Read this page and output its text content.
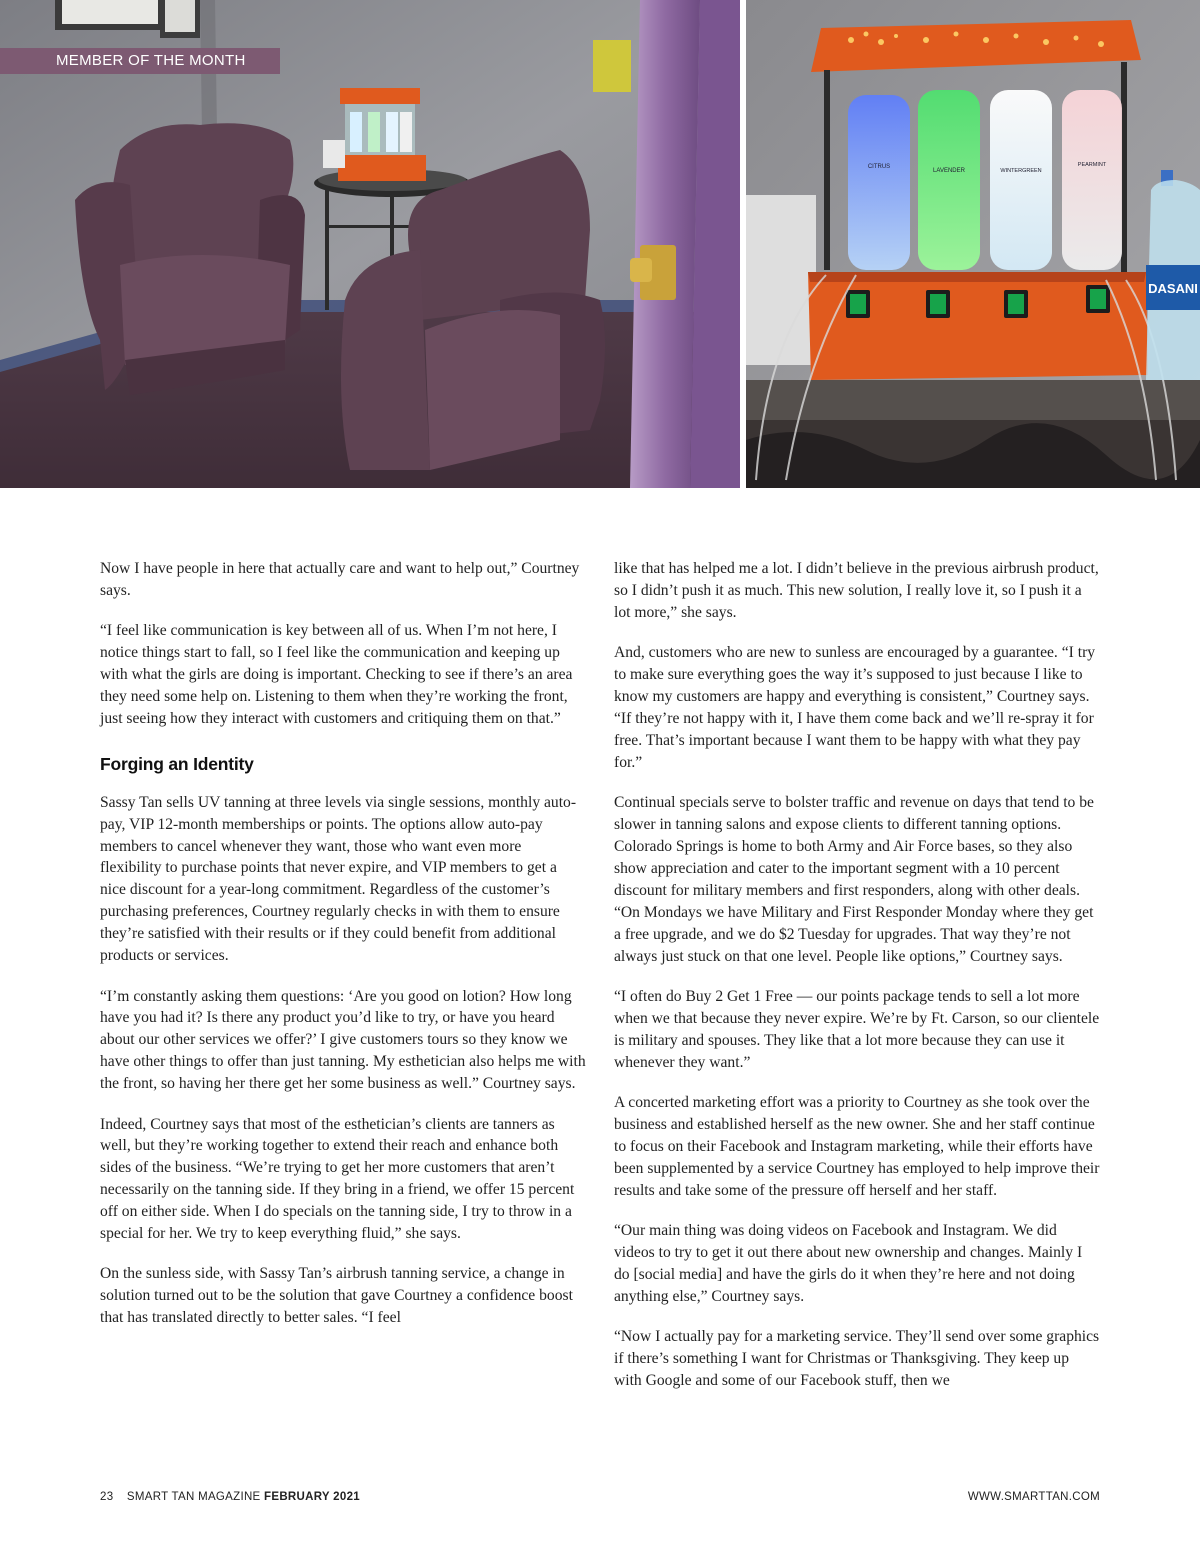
MEMBER OF THE MONTH
CITRUS
LAVENDER	WINTERGREEN
PEARMINT
DASANI

Now I have people in here that actually care and want to help out,” Courtney says.

“I feel like communication is key between all of us. When I’m not here, I notice things start to fall, so I feel like the communication and keeping up with what the girls are doing is important. Checking to see if there’s an area they need some help on. Listening to them when they’re working the front, just seeing how they interact with customers and critiquing them on that.”

Forging an Identity

Sassy Tan sells UV tanning at three levels via single sessions, monthly auto-pay, VIP 12-month memberships or points. The options allow auto-pay members to cancel whenever they want, those who want even more flexibility to purchase points that never expire, and VIP members to get a nice discount for a year-long commitment. Regardless of the customer’s purchasing preferences, Courtney regularly checks in with them to ensure they’re satisfied with their results or if they could benefit from additional products or services.

“I’m constantly asking them questions: ‘Are you good on lotion? How long have you had it? Is there any product you’d like to try, or have you heard about our other services we offer?’ I give customers tours so they know we have other things to offer than just tanning. My esthetician also helps me with the front, so having her there get her some business as well.” Courtney says.

Indeed, Courtney says that most of the esthetician’s clients are tanners as well, but they’re working together to extend their reach and enhance both sides of the business. “We’re trying to get her more customers that aren’t necessarily on the tanning side. If they bring in a friend, we offer 15 percent off on either side. When I do specials on the tanning side, I try to throw in a special for her. We try to keep everything fluid,” she says.

On the sunless side, with Sassy Tan’s airbrush tanning service, a change in solution turned out to be the solution that gave Courtney a confidence boost that has translated directly to better sales. “I feel

like that has helped me a lot. I didn’t believe in the previous airbrush product, so I didn’t push it as much. This new solution, I really love it, so I push it a lot more,” she says.

And, customers who are new to sunless are encouraged by a guarantee. “I try to make sure everything goes the way it’s supposed to just because I like to know my customers are happy and everything is consistent,” Courtney says. “If they’re not happy with it, I have them come back and we’ll re-spray it for free. That’s important because I want them to be happy with what they pay for.”

Continual specials serve to bolster traffic and revenue on days that tend to be slower in tanning salons and expose clients to different tanning options. Colorado Springs is home to both Army and Air Force bases, so they also show appreciation and cater to the important segment with a 10 percent discount for military members and first responders, along with other deals. “On Mondays we have Military and First Responder Monday where they get a free upgrade, and we do $2 Tuesday for upgrades. That way they’re not always just stuck on that one level. People like options,” Courtney says.

“I often do Buy 2 Get 1 Free — our points package tends to sell a lot more when we that because they never expire. We’re by Ft. Carson, so our clientele is military and spouses. They like that a lot more because they can use it whenever they want.”

A concerted marketing effort was a priority to Courtney as she took over the business and established herself as the new owner. She and her staff continue to focus on their Facebook and Instagram marketing, while their efforts have been supplemented by a service Courtney has employed to help improve their results and take some of the pressure off herself and her staff.

“Our main thing was doing videos on Facebook and Instagram. We did videos to try to get it out there about new ownership and changes. Mainly I do [social media] and have the girls do it when they’re here and not doing anything else,” Courtney says.

“Now I actually pay for a marketing service. They’ll send over some graphics if there’s something I want for Christmas or Thanksgiving. They keep up with Google and some of our Facebook stuff, then we

23 SMART TAN MAGAZINE FEBRUARY 2021	WWW.SMARTTAN.COM
